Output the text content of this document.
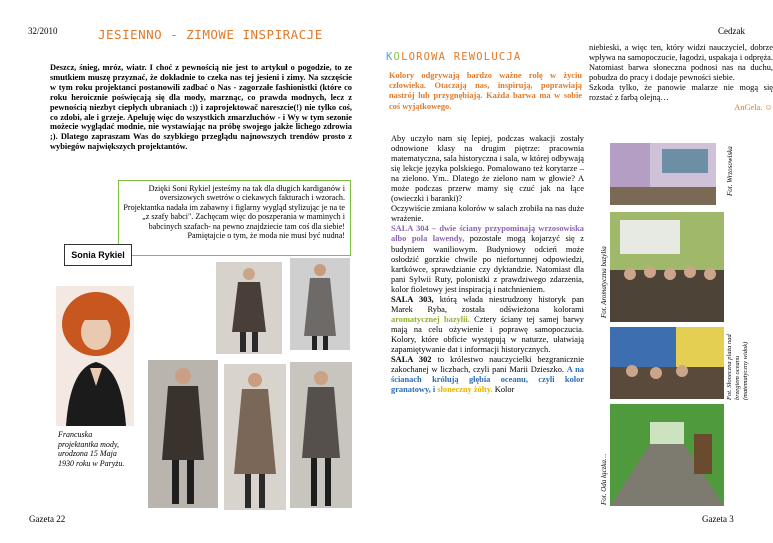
32/2010	JESIENNO - ZIMOWE INSPIRACJE
Deszcz, śnieg, mróz, wiatr. I choć z pewnością nie jest to artykuł o pogodzie, to ze smutkiem muszę przyznać, że dokładnie to czeka nas tej jesieni i zimy. Na szczęście w tym roku projektanci postanowili zadbać o Nas - zagorzałe fashionistki (które co roku heroicznie poświęcają się dla mody, marznąc, co prawda modnych, lecz z pewnością niezbyt ciepłych ubraniach :)) i zaprojektowač nareszcie(!) nie tylko coś, co zdobi, ale i grzeje. Apeluję więc do wszystkich zmarzluchów - i Wy w tym sezonie możecie wyglądać modnie, nie wystawiając na próbę swojego jakże lichego zdrowia ;). Dlatego zapraszam Was do szybkiego przeglądu najnowszych trendów prosto z wybiegów największych projektantów.
Dzięki Soni Rykiel jesteśmy na tak dla długich kardiganów i oversizowych swetrów o ciekawych fakturach i wzorach. Projektantka nadała im zabawny i figlarny wygląd stylizując je na te „z szafy babci". Zachęcam więc do poszperania w maminych i babcinych szafach- na pewno znajdziecie tam coś dla siebie! Pamiętajcie o tym, że moda nie musi być nudna!
Sonia Rykiel
Francuska projektantka mody, urodzona 15 Maja 1930 roku w Paryżu.
Gazeta 22
Cedzak
KOLOROWA REWOLUCJA
Kolory odgrywają bardzo ważne rolę w życiu człowieka. Otaczają nas, inspirują, poprawiają nastrój lub przygnębiają. Każda barwa ma w sobie coś wyjątkowego.

Aby uczyło nam się lepiej, podczas wakacji zostały odnowione klasy na drugim piętrze: pracownia matematyczna, sala historyczna i sala, w której odbywają się lekcje języka polskiego. Pomalowano też korytarze – na zielono. Ym.. Dlatego że zielono nam w głowie? A może podczas przerw mamy się czuć jak na łące (owieczki i baranki)?

Oczywiście zmiana kolorów w salach zrobiła na nas duże wrażenie.

SALA 304 – dwie ściany przypominają wrzosowiska albo pola lawendy, pozostałe mogą kojarzyć się z budyniem waniliowym. Budyniowy odcień może osłodzić gorzkie chwile po niefortunnej odpowiedzi, kartkówce, sprawdzianie czy dyktandzie. Natomiast dla pani Sylwii Ruty, polonistki z prawdziwego zdarzenia, kolor fioletowy jest inspiracją i natchnieniem.

SALA 303, którą włada niestrudzony historyk pan Marek Ryba, została odświeżona kolorami aromatycznej bazylii. Cztery ściany tej samej barwy mają na celu ożywienie i poprawę samopoczucia. Kolory, które obficie występują w naturze, ułatwiają zapamiętywanie dat i informacji historycznych.

SALA 302 to królestwo nauczycielki bezgranicznie zakochanej w liczbach, czyli pani Marii Dzieszko. A na ścianach królują głębia oceanu, czyli kolor granatowy, i słoneczny żółty. Kolor

niebieski, a więc ten, który widzi nauczyciel, dobrze wpływa na samopoczucie, łagodzi, uspakaja i odpręża. Natomiast barwa słoneczna podnosi nas na duchu, pobudza do pracy i dodaje pewności siebie.

Szkoda tylko, że panowie malarze nie mogą się rozstać z farbą olejną…

AnGela. ☺

Fot. Wrzosowiska
Fot. Aromatyczna bazylia
Fot. Słoneczna plaża nad brzegiem oceanu (matematyczny widok)
Fot. Oda łączka…
Gazeta 3
